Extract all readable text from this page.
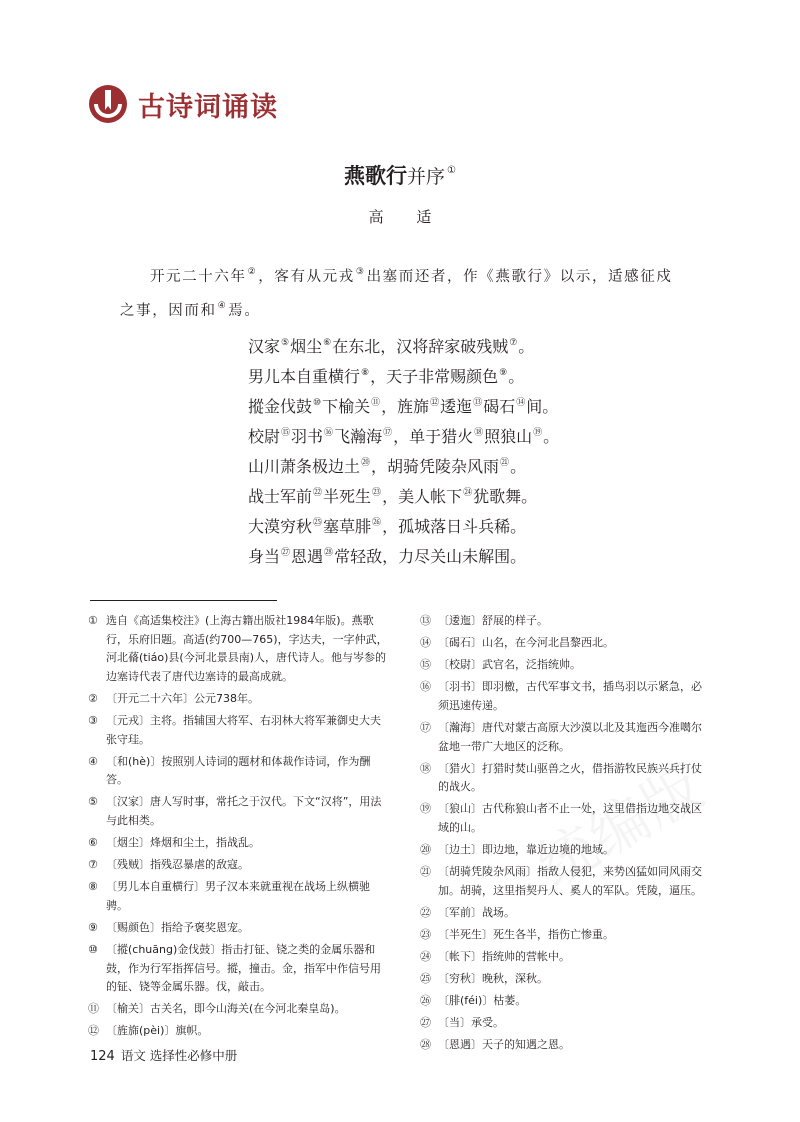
古诗词诵读
燕歌行并序 ①
高 适
开元二十六年②，客有从元戎③出塞而还者，作《燕歌行》以示，适感征戍之事，因而和④焉。
汉家⑤烟尘⑥在东北，汉将辞家破残贼⑦。
男儿本自重横行⑧，天子非常赐颜色⑨。
摐金伐鼓⑩下榆关⑪，旌旆⑫逶迤⑬碣石⑭间。
校尉⑮羽书⑯飞瀚海⑰，单于猎火⑱照狼山⑲。
山川萧条极边土⑳，胡骑凭陵杂风雨$^㉑$。
战士军前$^㉒$半死生$^㉓$，美人帐下$^㉔$犹歌舞。
大漠穷秋$^㉕$塞草腓$^㉖$，孤城落日斗兵稀。
身当$^㉗$恩遇$^㉘$常轻敌，力尽关山未解围。
① 选自《高适集校注》(上海古籍出版社1984年版)。燕歌行，乐府旧题。高适(约700—765)，字达夫，一字仲武，河北蓨(tiáo)县(今河北景县南)人，唐代诗人。他与岑参的边塞诗代表了唐代边塞诗的最高成就。
② 〔开元二十六年〕公元738年。
③ 〔元戎〕主将。指辅国大将军、右羽林大将军兼御史大夫张守珪。
④ 〔和(hè)〕按照别人诗词的题材和体裁作诗词，作为酬答。
⑤ 〔汉家〕唐人写时事，常托之于汉代。下文“汉将”，用法与此相类。
⑥ 〔烟尘〕烽烟和尘土，指战乱。
⑦ 〔残贼〕指残忍暴虐的敌寇。
⑧ 〔男儿本自重横行〕男子汉本来就重视在战场上纵横驰骋。
⑨ 〔赐颜色〕指给予褒奖恩宠。
⑩ 〔摐(chuāng)金伐鼓〕指击打钲、铙之类的金属乐器和鼓，作为行军指挥信号。摐，撞击。金，指军中作信号用的钲、铙等金属乐器。伐，敲击。
⑪ 〔榆关〕古关名，即今山海关(在今河北秦皇岛)。
⑫ 〔旌旆(pèi)〕旗帜。
⑬ 〔逶迤〕舒展的样子。
⑭ 〔碣石〕山名，在今河北昌黎西北。
⑮ 〔校尉〕武官名，泛指统帅。
⑯ 〔羽书〕即羽檄，古代军事文书，插鸟羽以示紧急，必须迅速传递。
⑰ 〔瀚海〕唐代对蒙古高原大沙漠以北及其迤西今准噶尔盆地一带广大地区的泛称。
⑱ 〔猎火〕打猎时焚山驱兽之火，借指游牧民族兴兵打仗的战火。
⑲ 〔狼山〕古代称狼山者不止一处，这里借指边地交战区域的山。
⑳ 〔边土〕即边地，靠近边境的地域。
㉑ 〔胡骑凭陵杂风雨〕指敌人侵犯，来势凶猛如同风雨交加。胡骑，这里指契丹人、奚人的军队。凭陵，逼压。
㉒ 〔军前〕战场。
㉓ 〔半死生〕死生各半，指伤亡惨重。
㉔ 〔帐下〕指统帅的营帐中。
㉕ 〔穷秋〕晚秋，深秋。
㉖ 〔腓(féi)〕枯萎。
㉗ 〔当〕承受。
㉘ 〔恩遇〕天子的知遇之恩。
124 语文 选择性必修中册
